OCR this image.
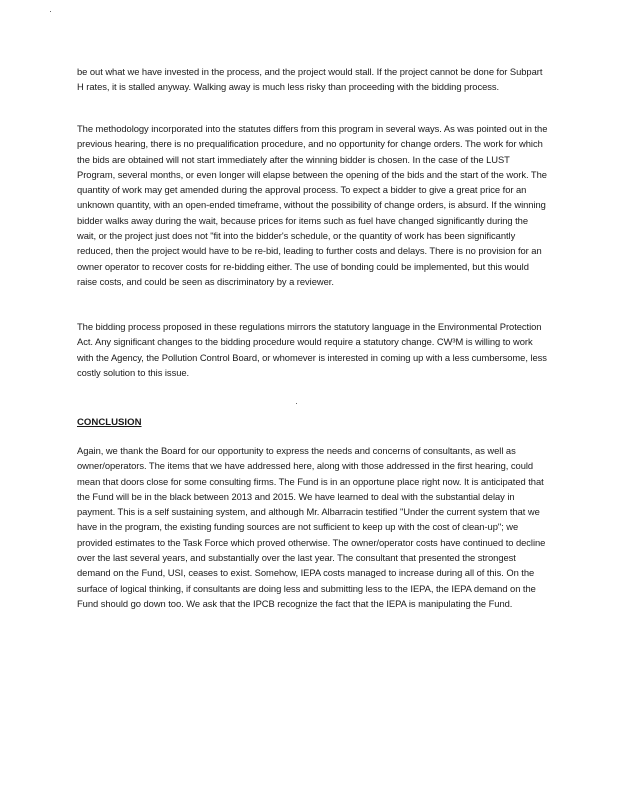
be out what we have invested in the process, and the project would stall. If the project cannot be done for Subpart H rates, it is stalled anyway. Walking away is much less risky than proceeding with the bidding process.

The methodology incorporated into the statutes differs from this program in several ways. As was pointed out in the previous hearing, there is no prequalification procedure, and no opportunity for change orders. The work for which the bids are obtained will not start immediately after the winning bidder is chosen. In the case of the LUST Program, several months, or even longer will elapse between the opening of the bids and the start of the work. The quantity of work may get amended during the approval process. To expect a bidder to give a great price for an unknown quantity, with an open-ended timeframe, without the possibility of change orders, is absurd. If the winning bidder walks away during the wait, because prices for items such as fuel have changed significantly during the wait, or the project just does not "fit into the bidder's schedule, or the quantity of work has been significantly reduced, then the project would have to be re-bid, leading to further costs and delays. There is no provision for an owner operator to recover costs for re-bidding either. The use of bonding could be implemented, but this would raise costs, and could be seen as discriminatory by a reviewer.

The bidding process proposed in these regulations mirrors the statutory language in the Environmental Protection Act. Any significant changes to the bidding procedure would require a statutory change. CW³M is willing to work with the Agency, the Pollution Control Board, or whomever is interested in coming up with a less cumbersome, less costly solution to this issue.

CONCLUSION

Again, we thank the Board for our opportunity to express the needs and concerns of consultants, as well as owner/operators. The items that we have addressed here, along with those addressed in the first hearing, could mean that doors close for some consulting firms. The Fund is in an opportune place right now. It is anticipated that the Fund will be in the black between 2013 and 2015. We have learned to deal with the substantial delay in payment. This is a self sustaining system, and although Mr. Albarracin testified "Under the current system that we have in the program, the existing funding sources are not sufficient to keep up with the cost of clean-up"; we provided estimates to the Task Force which proved otherwise. The owner/operator costs have continued to decline over the last several years, and substantially over the last year. The consultant that presented the strongest demand on the Fund, USI, ceases to exist. Somehow, IEPA costs managed to increase during all of this. On the surface of logical thinking, if consultants are doing less and submitting less to the IEPA, the IEPA demand on the Fund should go down too. We ask that the IPCB recognize the fact that the IEPA is manipulating the Fund.
